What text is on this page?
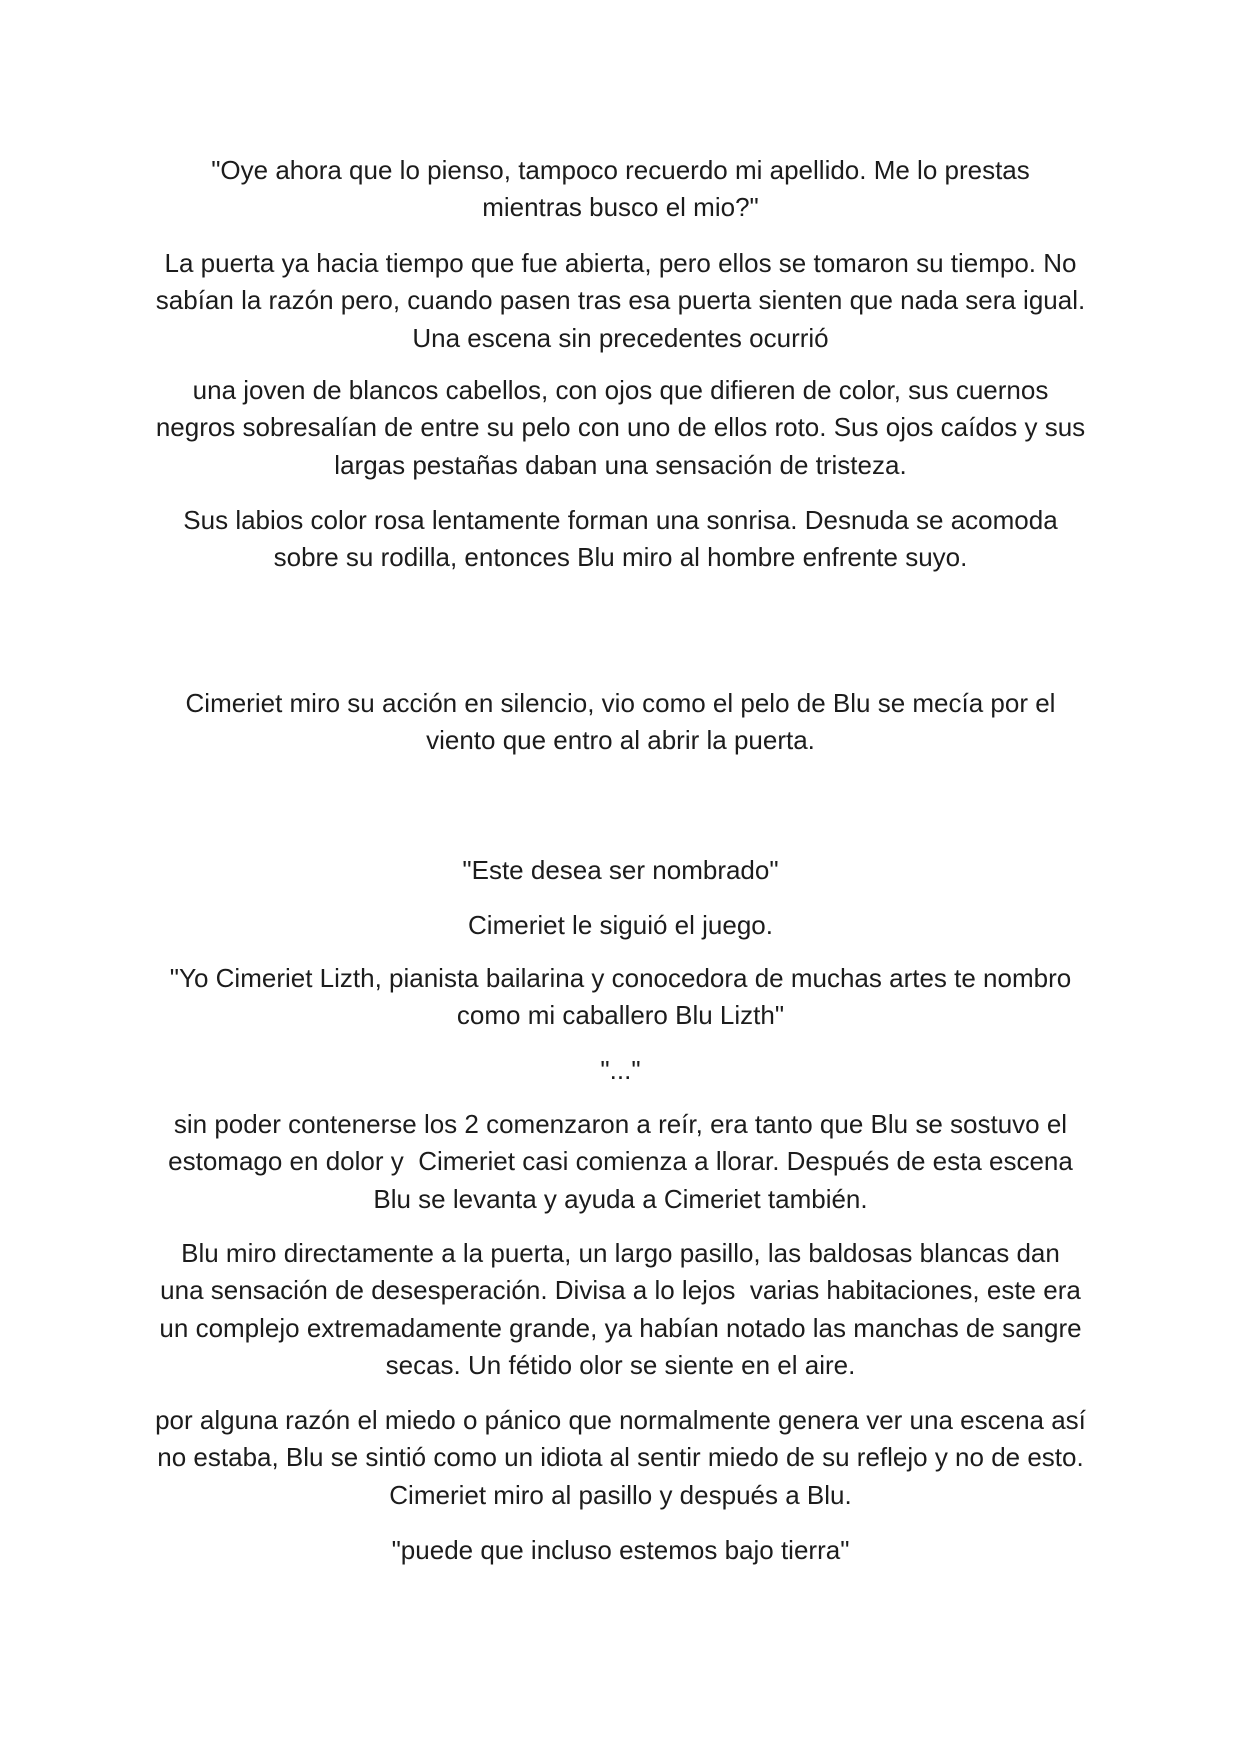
"Oye ahora que lo pienso, tampoco recuerdo mi apellido. Me lo prestas
mientras busco el mio?"
La puerta ya hacia tiempo que fue abierta, pero ellos se tomaron su tiempo. No
sabían la razón pero, cuando pasen tras esa puerta sienten que nada sera igual.
Una escena sin precedentes ocurrió
una joven de blancos cabellos, con ojos que difieren de color, sus cuernos
negros sobresalían de entre su pelo con uno de ellos roto. Sus ojos caídos y sus
largas pestañas daban una sensación de tristeza.
Sus labios color rosa lentamente forman una sonrisa. Desnuda se acomoda
sobre su rodilla, entonces Blu miro al hombre enfrente suyo.
Cimeriet miro su acción en silencio, vio como el pelo de Blu se mecía por el
viento que entro al abrir la puerta.
"Este desea ser nombrado"
Cimeriet le siguió el juego.
"Yo Cimeriet Lizth, pianista bailarina y conocedora de muchas artes te nombro
como mi caballero Blu Lizth"
"..."
sin poder contenerse los 2 comenzaron a reír, era tanto que Blu se sostuvo el
estomago en dolor y  Cimeriet casi comienza a llorar. Después de esta escena
Blu se levanta y ayuda a Cimeriet también.
Blu miro directamente a la puerta, un largo pasillo, las baldosas blancas dan
una sensación de desesperación. Divisa a lo lejos  varias habitaciones, este era
un complejo extremadamente grande, ya habían notado las manchas de sangre
secas. Un fétido olor se siente en el aire.
por alguna razón el miedo o pánico que normalmente genera ver una escena así
no estaba, Blu se sintió como un idiota al sentir miedo de su reflejo y no de esto.
Cimeriet miro al pasillo y después a Blu.
"puede que incluso estemos bajo tierra"
